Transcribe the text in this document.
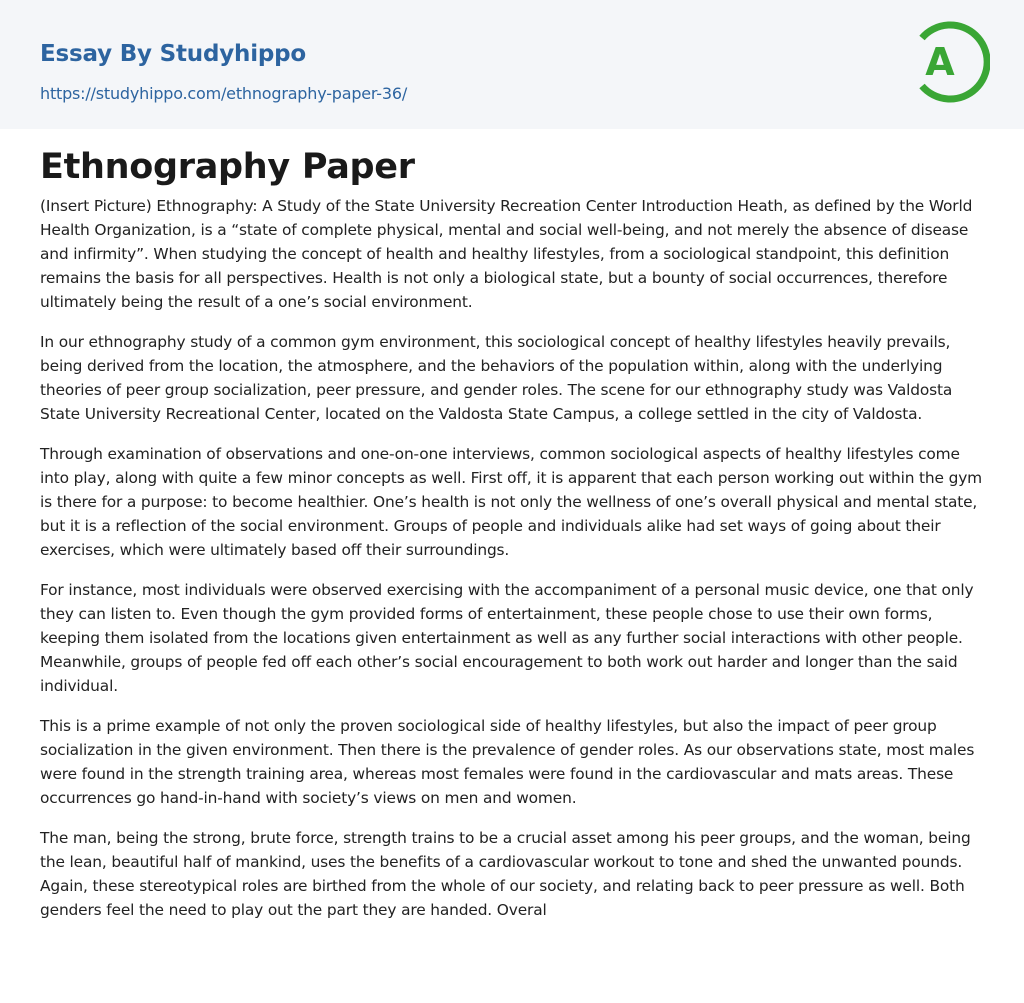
Essay By Studyhippo
https://studyhippo.com/ethnography-paper-36/
A
Ethnography Paper

(Insert Picture) Ethnography: A Study of the State University Recreation Center Introduction Heath, as defined by the World Health Organization, is a “state of complete physical, mental and social well-being, and not merely the absence of disease and infirmity”. When studying the concept of health and healthy lifestyles, from a sociological standpoint, this definition remains the basis for all perspectives. Health is not only a biological state, but a bounty of social occurrences, therefore ultimately being the result of a one’s social environment.

In our ethnography study of a common gym environment, this sociological concept of healthy lifestyles heavily prevails, being derived from the location, the atmosphere, and the behaviors of the population within, along with the underlying theories of peer group socialization, peer pressure, and gender roles. The scene for our ethnography study was Valdosta State University Recreational Center, located on the Valdosta State Campus, a college settled in the city of Valdosta.

Through examination of observations and one-on-one interviews, common sociological aspects of healthy lifestyles come into play, along with quite a few minor concepts as well. First off, it is apparent that each person working out within the gym is there for a purpose: to become healthier. One’s health is not only the wellness of one’s overall physical and mental state, but it is a reflection of the social environment. Groups of people and individuals alike had set ways of going about their exercises, which were ultimately based off their surroundings.

For instance, most individuals were observed exercising with the accompaniment of a personal music device, one that only they can listen to. Even though the gym provided forms of entertainment, these people chose to use their own forms, keeping them isolated from the locations given entertainment as well as any further social interactions with other people. Meanwhile, groups of people fed off each other’s social encouragement to both work out harder and longer than the said individual.

This is a prime example of not only the proven sociological side of healthy lifestyles, but also the impact of peer group socialization in the given environment. Then there is the prevalence of gender roles. As our observations state, most males were found in the strength training area, whereas most females were found in the cardiovascular and mats areas. These occurrences go hand-in-hand with society’s views on men and women.

The man, being the strong, brute force, strength trains to be a crucial asset among his peer groups, and the woman, being the lean, beautiful half of mankind, uses the benefits of a cardiovascular workout to tone and shed the unwanted pounds. Again, these stereotypical roles are birthed from the whole of our society, and relating back to peer pressure as well. Both genders feel the need to play out the part they are handed. Overal
